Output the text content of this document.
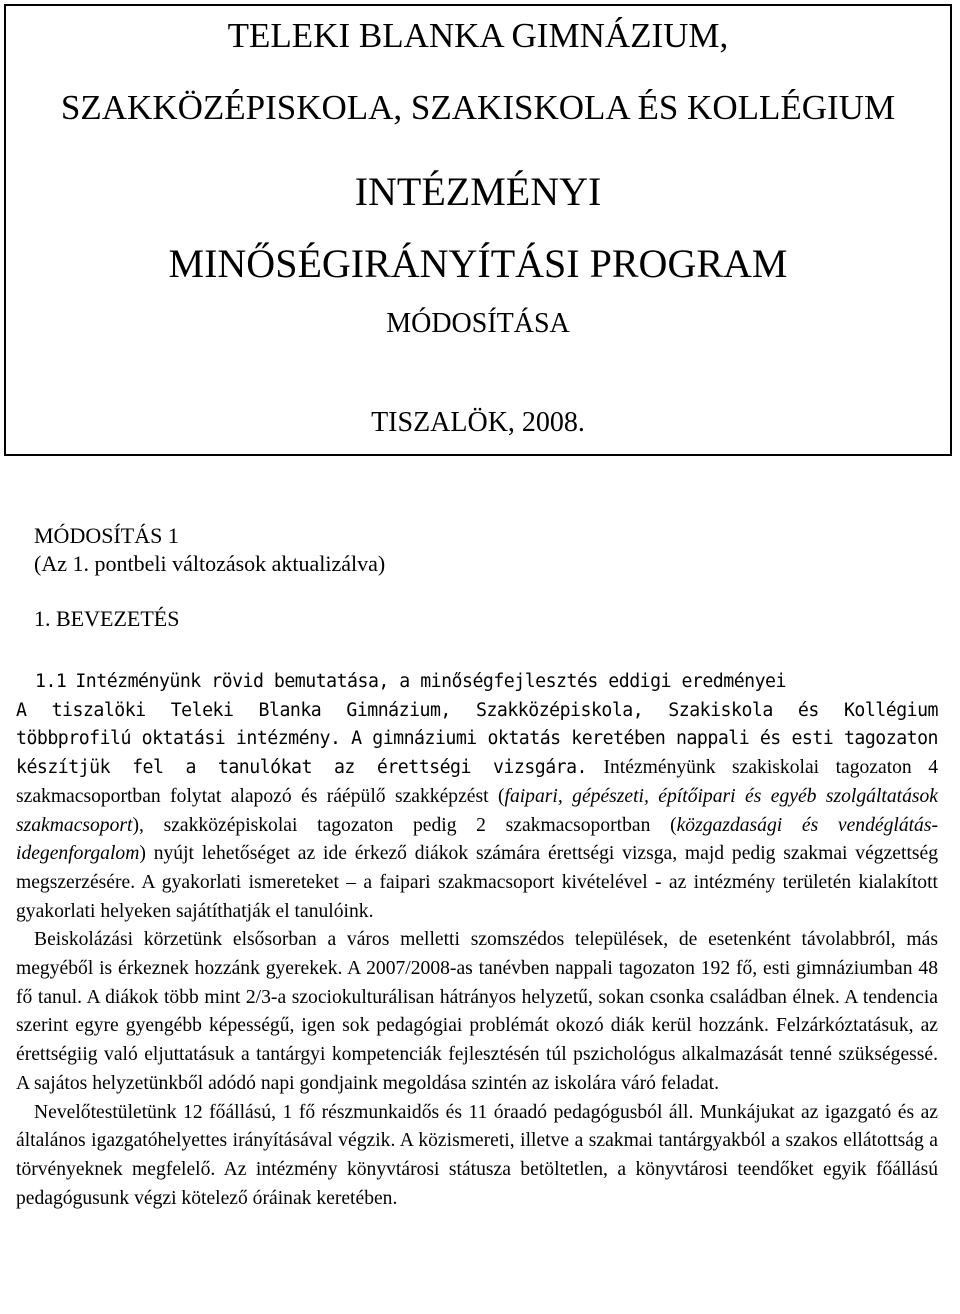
TELEKI BLANKA GIMNÁZIUM,
SZAKKÖZÉPISKOLA, SZAKISKOLA ÉS KOLLÉGIUM
INTÉZMÉNYI
MINŐSÉGIRÁNYÍTÁSI PROGRAM
MÓDOSÍTÁSA
TISZALÖK, 2008.
MÓDOSÍTÁS 1
(Az 1. pontbeli változások aktualizálva)
1. BEVEZETÉS
1.1 Intézményünk rövid bemutatása, a minőségfejlesztés eddigi eredményei

A tiszalöki Teleki Blanka Gimnázium, Szakközépiskola, Szakiskola és Kollégium többprofilú oktatási intézmény. A gimnáziumi oktatás keretében nappali és esti tagozaton készítjük fel a tanulókat az érettségi vizsgára. Intézményünk szakiskolai tagozaton 4 szakmacsoportban folytat alapozó és ráépülő szakképzést (faipari, gépészeti, építőipari és egyéb szolgáltatások szakmacsoport), szakközépiskolai tagozaton pedig 2 szakmacsoportban (közgazdasági és vendéglátás-idegenforgalom) nyújt lehetőséget az ide érkező diákok számára érettségi vizsga, majd pedig szakmai végzettség megszerzésére. A gyakorlati ismereteket – a faipari szakmacsoport kivételével - az intézmény területén kialakított gyakorlati helyeken sajátíthatják el tanulóink.

Beiskolázási körzetünk elsősorban a város melletti szomszédos települések, de esetenként távolabbról, más megyéből is érkeznek hozzánk gyerekek. A 2007/2008-as tanévben nappali tagozaton 192 fő, esti gimnáziumban 48 fő tanul. A diákok több mint 2/3-a szociokulturálisan hátrányos helyzetű, sokan csonka családban élnek. A tendencia szerint egyre gyengébb képességű, igen sok pedagógiai problémát okozó diák kerül hozzánk. Felzárkóztatásuk, az érettségiig való eljuttatásuk a tantárgyi kompetenciák fejlesztésén túl pszichológus alkalmazását tenné szükségessé. A sajátos helyzetünkből adódó napi gondjaink megoldása szintén az iskolára váró feladat.

Nevelőtestületünk 12 főállású, 1 fő részmunkaidős és 11 óraadó pedagógusból áll. Munkájukat az igazgató és az általános igazgatóhelyettes irányításával végzik. A közismereti, illetve a szakmai tantárgyakból a szakos ellátottság a törvényeknek megfelelő. Az intézmény könyvtárosi státusza betöltetlen, a könyvtárosi teendőket egyik főállású pedagógusunk végzi kötelező óráinak keretében.
